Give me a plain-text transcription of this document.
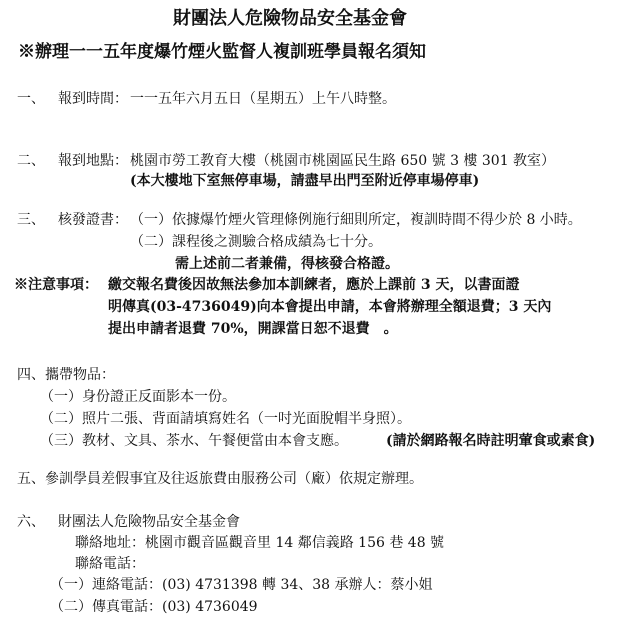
財團法人危險物品安全基金會
※辦理一一五年度爆竹煙火監督人複訓班學員報名須知
一、 報到時間： 一一五年六月五日（星期五）上午八時整。
二、 報到地點： 桃園市勞工教育大樓（桃園市桃園區民生路 650 號 3 樓 301 教室）
(本大樓地下室無停車場，請盡早出門至附近停車場停車)
三、 核發證書： （一）依據爆竹煙火管理條例施行細則所定，複訓時間不得少於 8 小時。
（二）課程後之測驗合格成績為七十分。
需上述前二者兼備，得核發合格證。
※注意事項： 繳交報名費後因故無法參加本訓練者，應於上課前 3 天，以書面證
明傳真(03-4736049)向本會提出申請，本會將辦理全額退費；3 天內
提出申請者退費 70%，開課當日恕不退費　。
四、 攜帶物品：
（一）身份證正反面影本一份。
（二）照片二張、背面請填寫姓名（一吋光面脫帽半身照）。
（三）教材、文具、茶水、午餐便當由本會支應。	(請於網路報名時註明葷食或素食)
五、 參訓學員差假事宜及往返旅費由服務公司（廠）依規定辦理。
六、 財團法人危險物品安全基金會
聯絡地址：桃園市觀音區觀音里 14 鄰信義路 156 巷 48 號
聯絡電話：
（一）連絡電話：(03) 4731398 轉 34、38 承辦人：蔡小姐
（二）傳真電話：(03) 4736049
